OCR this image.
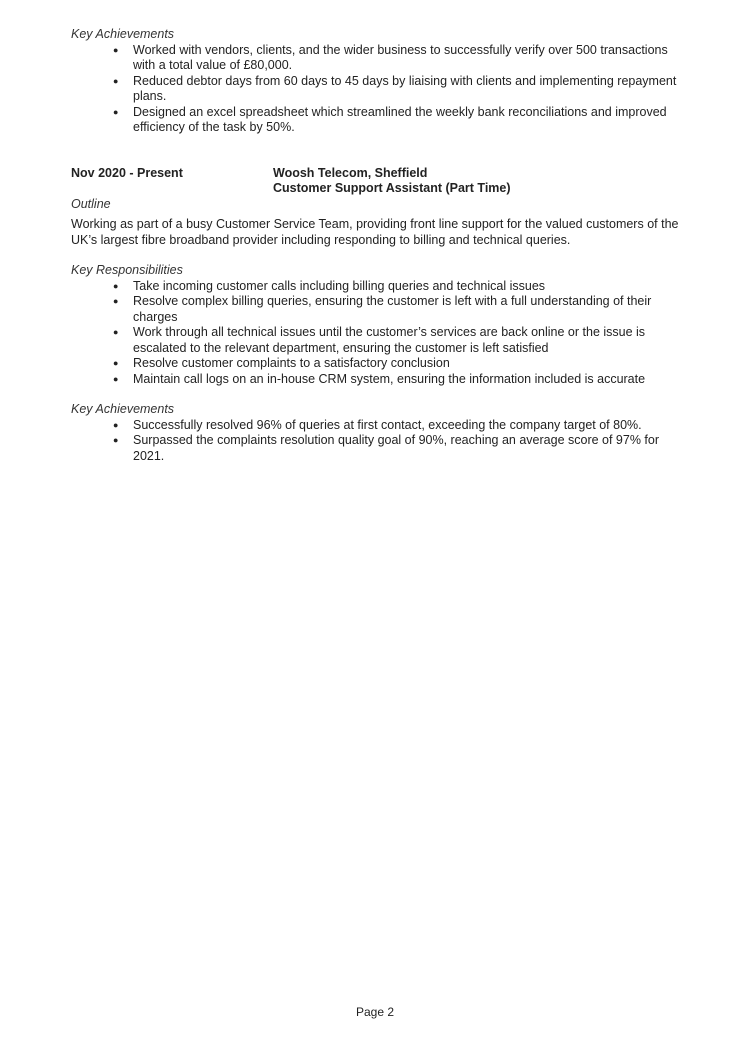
Key Achievements

● Worked with vendors, clients, and the wider business to successfully verify over 500 transactions with a total value of £80,000.
● Reduced debtor days from 60 days to 45 days by liaising with clients and implementing repayment plans.
● Designed an excel spreadsheet which streamlined the weekly bank reconciliations and improved efficiency of the task by 50%.
Nov 2020 - Present	Woosh Telecom, Sheffield
Customer Support Assistant (Part Time)

Outline

Working as part of a busy Customer Service Team, providing front line support for the valued customers of the UK’s largest fibre broadband provider including responding to billing and technical queries.

Key Responsibilities

● Take incoming customer calls including billing queries and technical issues
● Resolve complex billing queries, ensuring the customer is left with a full understanding of their charges
● Work through all technical issues until the customer’s services are back online or the issue is escalated to the relevant department, ensuring the customer is left satisfied
● Resolve customer complaints to a satisfactory conclusion
● Maintain call logs on an in-house CRM system, ensuring the information included is accurate

Key Achievements

● Successfully resolved 96% of queries at first contact, exceeding the company target of 80%.
● Surpassed the complaints resolution quality goal of 90%, reaching an average score of 97% for 2021.
Page 2
